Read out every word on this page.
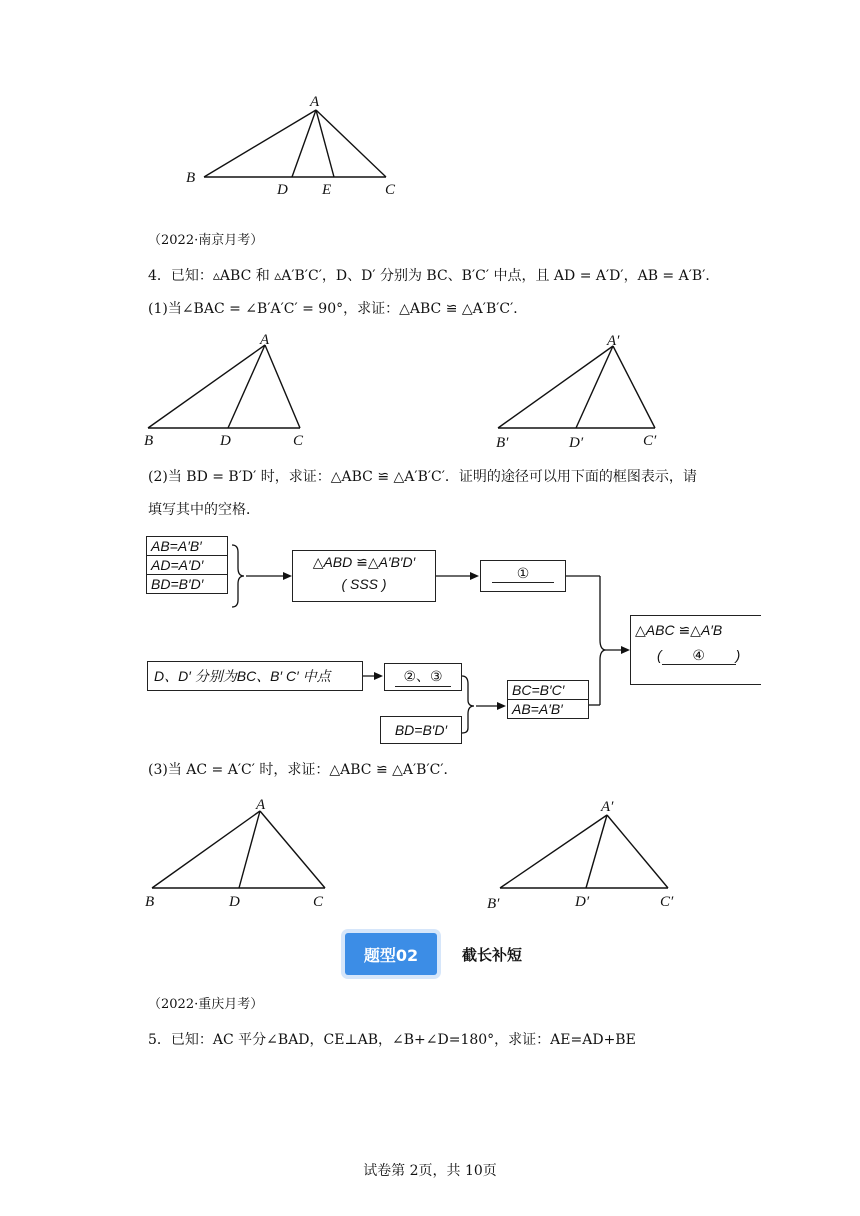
A
B
D E	C
（2022·南京月考）
4．已知：▵ABC 和 ▵A′B′C′，D、D′ 分别为 BC、B′C′ 中点，且 AD = A′D′，AB = A′B′．
(1)当∠BAC = ∠B′A′C′ = 90°，求证：△ABC ≌ △A′B′C′．
A
B	D	C
A′
B′	D′	C′
(2)当 BD = B′D′ 时，求证：△ABC ≌ △A′B′C′．证明的途径可以用下面的框图表示，请
填写其中的空格．
AB=A′B′
AD=A′D′
BD=B′D′
△ABD ≌△A′B′D′
( SSS )
①
△ABC ≌△A′B
( ④ )
D、D′ 分别为BC、B′ C′ 中点	②、③
BD=B′D′
BC=B′C′
AB=A′B′
(3)当 AC = A′C′ 时，求证：△ABC ≌ △A′B′C′．
A
B	D	C
A′
B′	D′	C′
题型02	截长补短
（2022·重庆月考）
5．已知：AC 平分∠BAD，CE⊥AB，∠B+∠D=180°，求证：AE=AD+BE
试卷第 2页，共 10页
